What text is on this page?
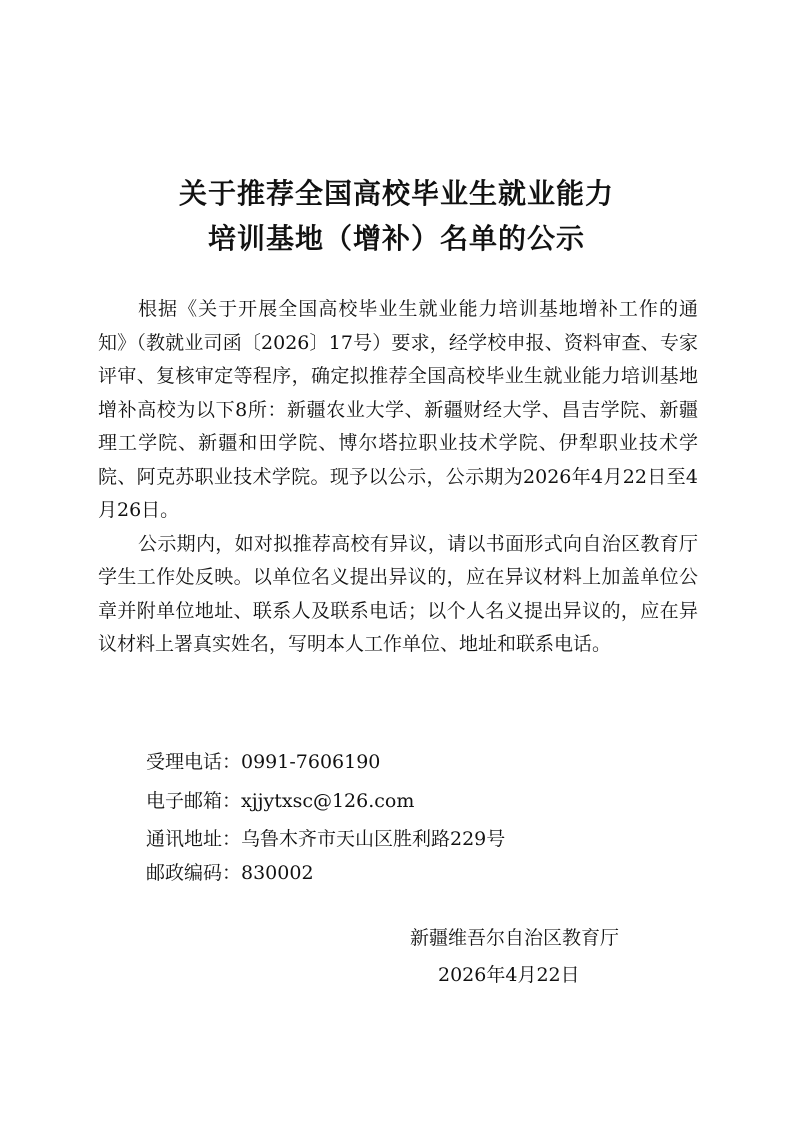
关于推荐全国高校毕业生就业能力
培训基地（增补）名单的公示

根据《关于开展全国高校毕业生就业能力培训基地增补工作的通知》（教就业司函〔2026〕17号）要求，经学校申报、资料审查、专家评审、复核审定等程序，确定拟推荐全国高校毕业生就业能力培训基地增补高校为以下8所：新疆农业大学、新疆财经大学、昌吉学院、新疆理工学院、新疆和田学院、博尔塔拉职业技术学院、伊犁职业技术学院、阿克苏职业技术学院。现予以公示，公示期为2026年4月22日至4月26日。

公示期内，如对拟推荐高校有异议，请以书面形式向自治区教育厅学生工作处反映。以单位名义提出异议的，应在异议材料上加盖单位公章并附单位地址、联系人及联系电话；以个人名义提出异议的，应在异议材料上署真实姓名，写明本人工作单位、地址和联系电话。

受理电话：0991-7606190
电子邮箱：xjjytxsc@126.com
通讯地址：乌鲁木齐市天山区胜利路229号
邮政编码：830002
新疆维吾尔自治区教育厅
2026年4月22日
